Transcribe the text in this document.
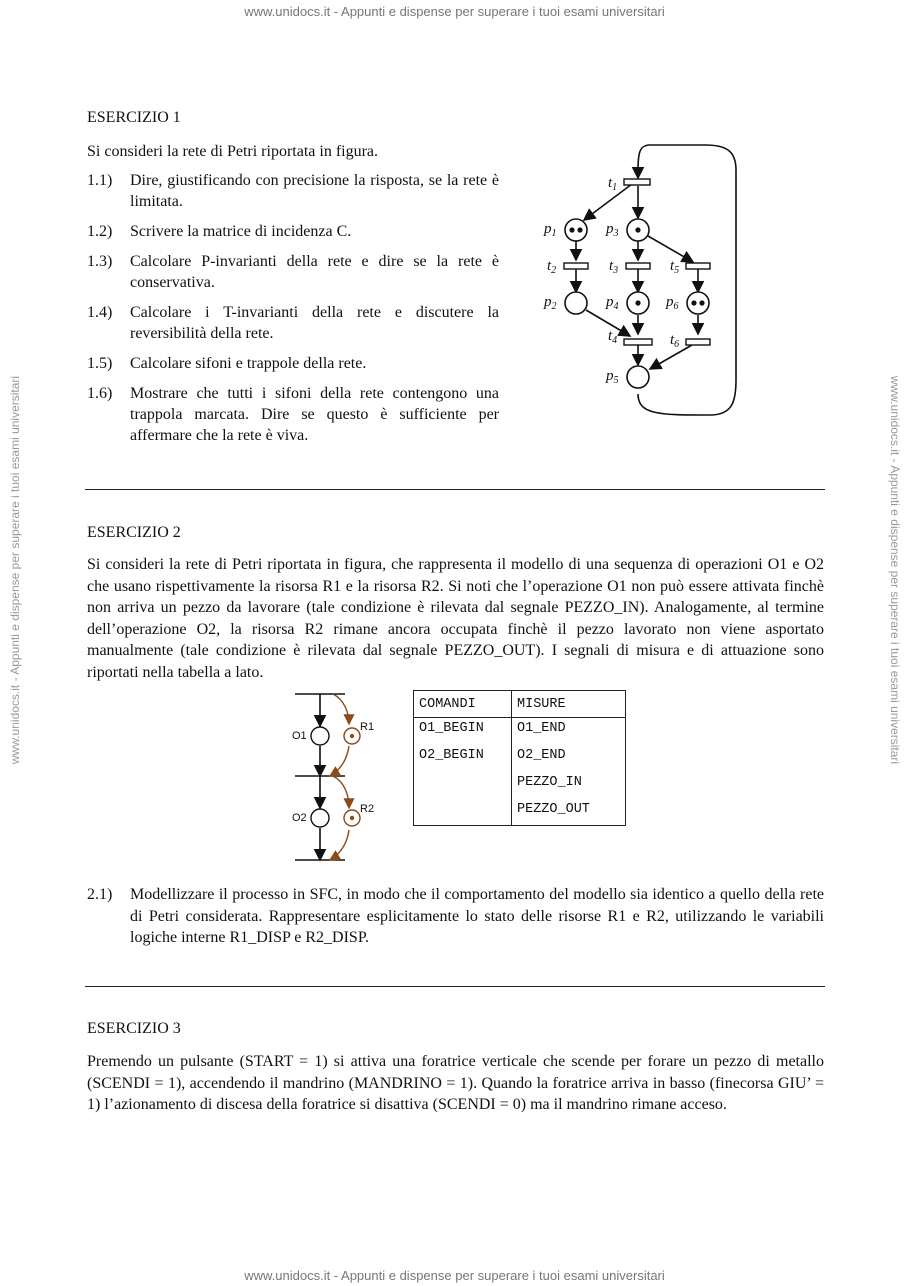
www.unidocs.it - Appunti e dispense per superare i tuoi esami universitari
www.unidocs.it - Appunti e dispense per superare i tuoi esami universitari
www.unidocs.it - Appunti e dispense per superare i tuoi esami universitari	www.unidocs.it - Appunti e dispense per superare i tuoi esami universitari
ESERCIZIO 1
Si consideri la rete di Petri riportata in figura.
1.1)	Dire, giustificando con precisione la risposta, se la rete è limitata.
1.2)	Scrivere la matrice di incidenza C.
1.3)	Calcolare P-invarianti della rete e dire se la rete è conservativa.
1.4)	Calcolare i T-invarianti della rete e discutere la reversibilità della rete.
1.5)	Calcolare sifoni e trappole della rete.
1.6)	Mostrare che tutti i sifoni della rete contengono una trappola marcata. Dire se questo è sufficiente per affermare che la rete è viva.
$t_1$
$p_1$	$p_3$
$t_2$	$t_3$	$t_5$
$p_2$	$p_4$	$p_6$
$t_4$	$t_6$
$p_5$
ESERCIZIO 2
Si consideri la rete di Petri riportata in figura, che rappresenta il modello di una sequenza di operazioni O1 e O2 che usano rispettivamente la risorsa R1 e la risorsa R2. Si noti che l’operazione O1 non può essere attivata finchè non arriva un pezzo da lavorare (tale condizione è rilevata dal segnale PEZZO_IN). Analogamente, al termine dell’operazione O2, la risorsa R2 rimane ancora occupata finchè il pezzo lavorato non viene asportato manualmente (tale condizione è rilevata dal segnale PEZZO_OUT). I segnali di misura e di attuazione sono riportati nella tabella a lato.
O1
O2
R1
R2
COMANDI	MISURE
O1_BEGIN	O1_END
O2_BEGIN	O2_END
	PEZZO_IN
	PEZZO_OUT
2.1)	Modellizzare il processo in SFC, in modo che il comportamento del modello sia identico a quello della rete di Petri considerata. Rappresentare esplicitamente lo stato delle risorse R1 e R2, utilizzando le variabili logiche interne R1_DISP e R2_DISP.
ESERCIZIO 3
Premendo un pulsante (START = 1) si attiva una foratrice verticale che scende per forare un pezzo di metallo (SCENDI = 1), accendendo il mandrino (MANDRINO = 1). Quando la foratrice arriva in basso (finecorsa GIU’ = 1) l’azionamento di discesa della foratrice si disattiva (SCENDI = 0) ma il mandrino rimane acceso.
